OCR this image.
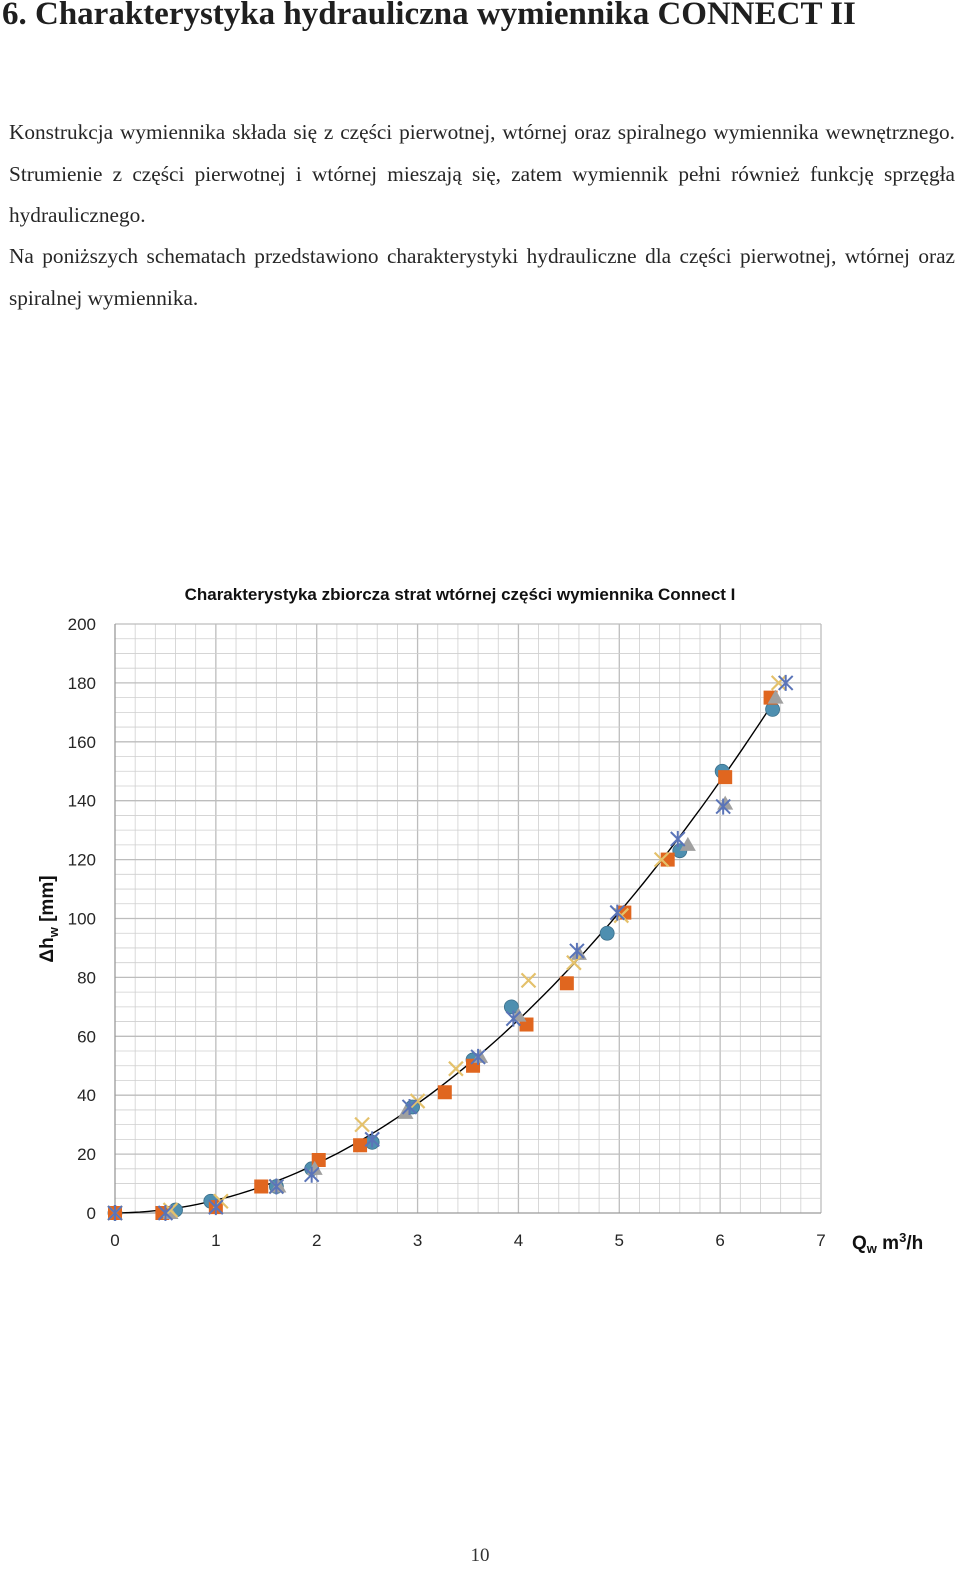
6. Charakterystyka hydrauliczna wymiennika CONNECT II

Konstrukcja wymiennika składa się z części pierwotnej, wtórnej oraz spiralnego wymiennika wewnętrznego. Strumienie z części pierwotnej i wtórnej mieszają się, zatem wymiennik pełni również funkcję sprzęgła hydraulicznego.

Na poniższych schematach przedstawiono charakterystyki hydrauliczne dla części pierwotnej, wtórnej oraz spiralnej wymiennika.

0	1	2	3	4	5	6	7
0
20
40
60
80
100
120
140
160
180
200
Charakterystyka zbiorcza strat wtórnej części wymiennika Connect I
$\Delta h_w$ [mm]
$Q_w$ $m^3/h$
10
